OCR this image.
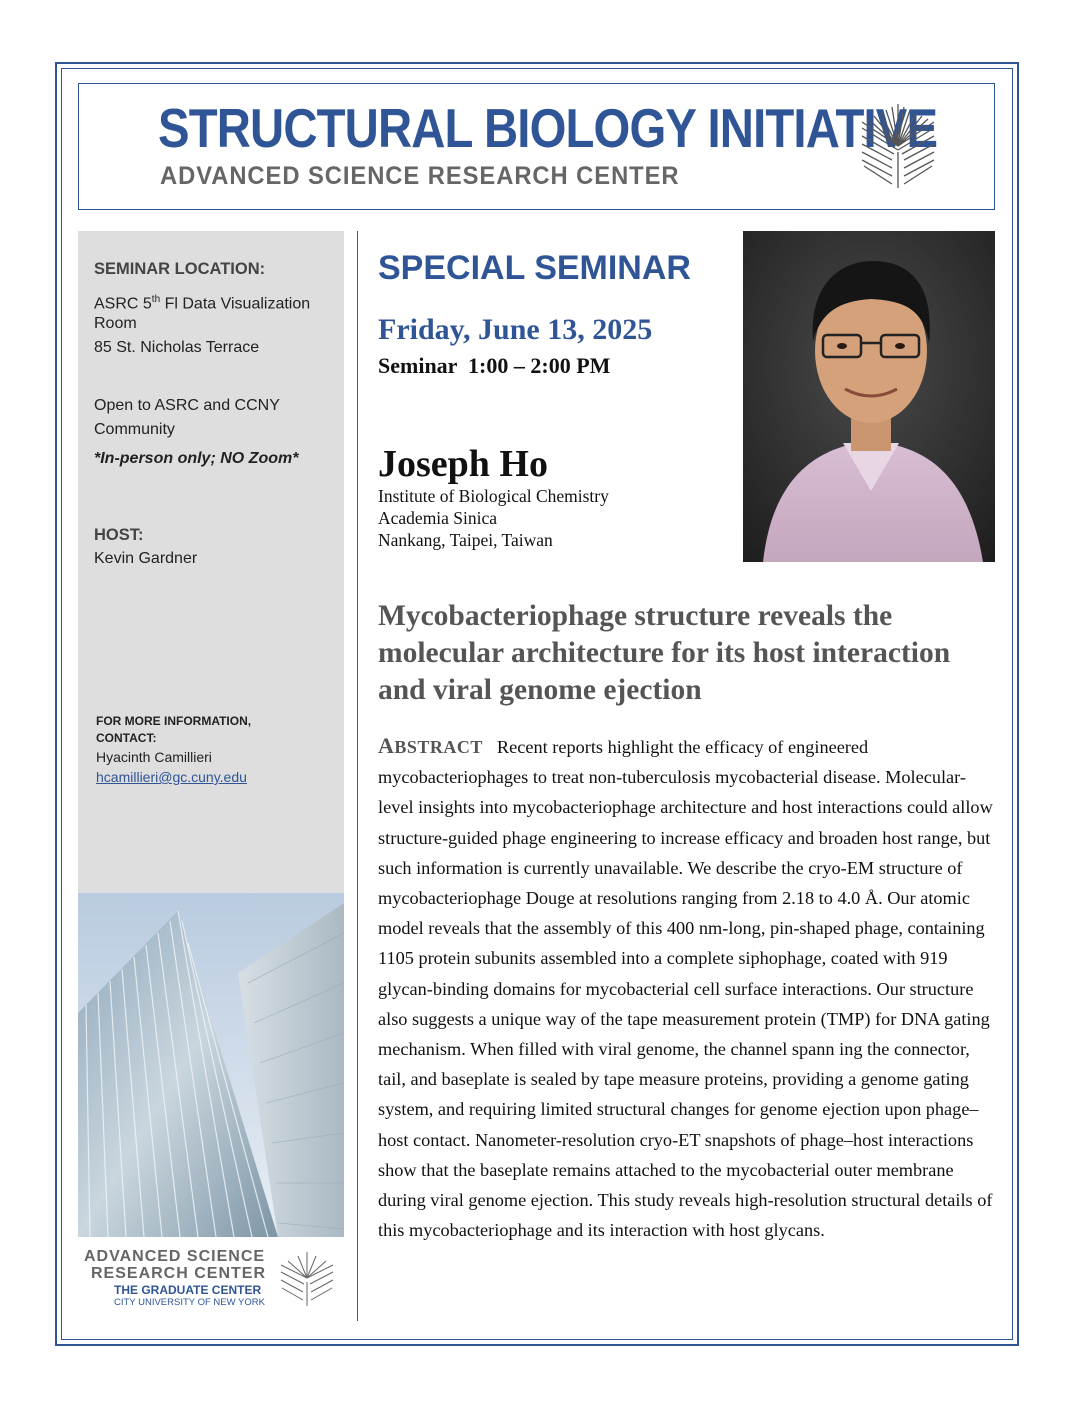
STRUCTURAL BIOLOGY INITIATIVE
ADVANCED SCIENCE RESEARCH CENTER
SEMINAR LOCATION:
ASRC 5th Fl Data Visualization
Room
85 St. Nicholas Terrace
Open to ASRC and CCNY
Community
*In-person only; NO Zoom*
HOST:
Kevin Gardner
FOR MORE INFORMATION,
CONTACT:
Hyacinth Camillieri
hcamillieri@gc.cuny.edu
ADVANCED SCIENCE
RESEARCH CENTER
THE GRADUATE CENTER
CITY UNIVERSITY OF NEW YORK
SPECIAL SEMINAR
Friday, June 13, 2025
Seminar  1:00 – 2:00 PM
Joseph Ho
Institute of Biological Chemistry
Academia Sinica
Nankang, Taipei, Taiwan
Mycobacteriophage structure reveals the molecular architecture for its host interaction and viral genome ejection
ABSTRACT Recent reports highlight the efficacy of engineered mycobacteriophages to treat non-tuberculosis mycobacterial disease. Molecular-level insights into mycobacteriophage architecture and host interactions could allow structure-guided phage engineering to increase efficacy and broaden host range, but such information is currently unavailable. We describe the cryo-EM structure of mycobacteriophage Douge at resolutions ranging from 2.18 to 4.0 Å. Our atomic model reveals that the assembly of this 400 nm-long, pin-shaped phage, containing 1105 protein subunits assembled into a complete siphophage, coated with 919 glycan-binding domains for mycobacterial cell surface interactions. Our structure also suggests a unique way of the tape measurement protein (TMP) for DNA gating mechanism. When filled with viral genome, the channel spann ing the connector, tail, and baseplate is sealed by tape measure proteins, providing a genome gating system, and requiring limited structural changes for genome ejection upon phage–host contact. Nanometer-resolution cryo-ET snapshots of phage–host interactions show that the baseplate remains attached to the mycobacterial outer membrane during viral genome ejection. This study reveals high-resolution structural details of this mycobacteriophage and its interaction with host glycans.
